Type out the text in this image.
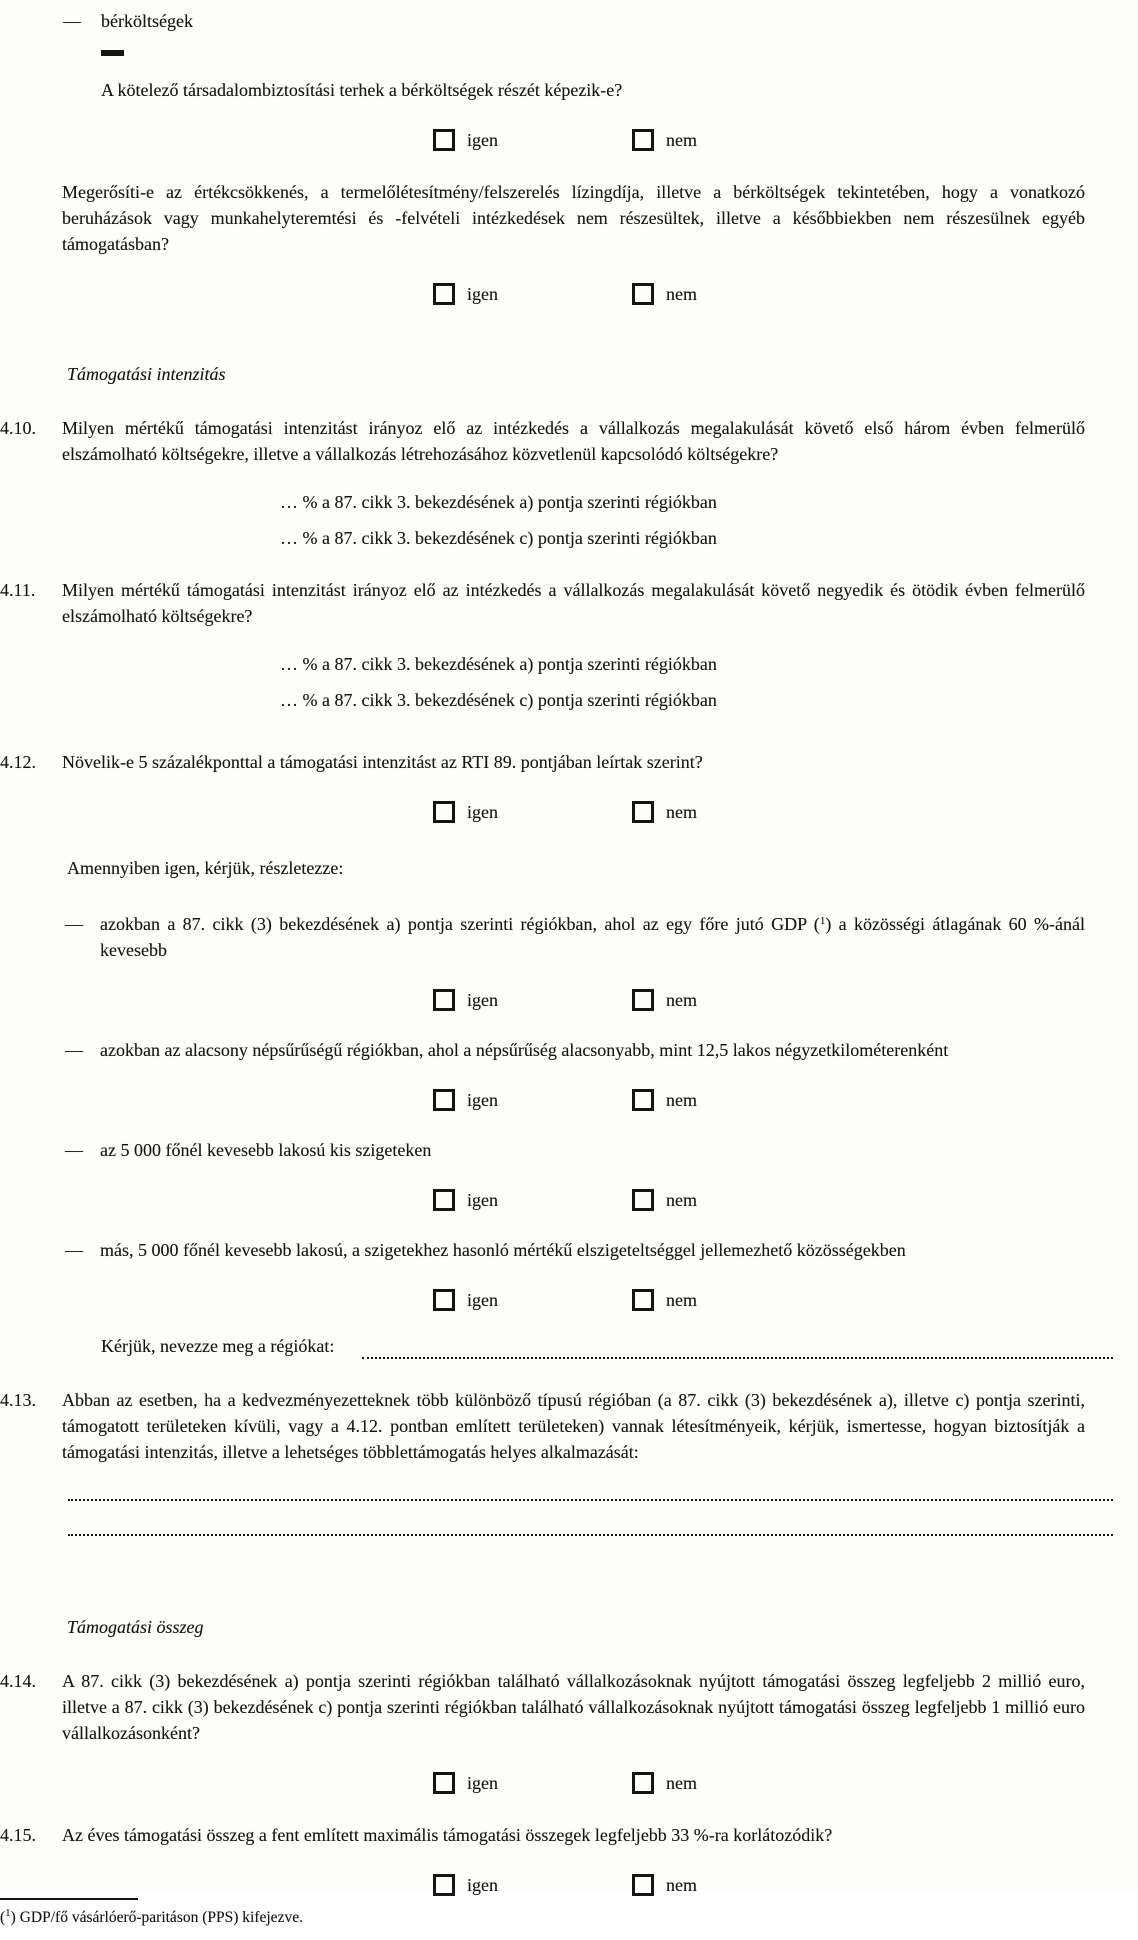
—	bérköltségek

A kötelező társadalombiztosítási terhek a bérköltségek részét képezik-e?

igen	nem

Megerősíti-e az értékcsökkenés, a termelőlétesítmény/felszerelés lízingdíja, illetve a bérköltségek tekintetében, hogy a vonatkozó beruházások vagy munkahelyteremtési és -felvételi intézkedések nem részesültek, illetve a későbbiekben nem részesülnek egyéb támogatásban?

igen	nem
Támogatási intenzitás
4.10.	Milyen mértékű támogatási intenzitást irányoz elő az intézkedés a vállalkozás megalakulását követő első három évben felmerülő elszámolható költségekre, illetve a vállalkozás létrehozásához közvetlenül kapcsolódó költségekre?

… % a 87. cikk 3. bekezdésének a) pontja szerinti régiókban

… % a 87. cikk 3. bekezdésének c) pontja szerinti régiókban

4.11.	Milyen mértékű támogatási intenzitást irányoz elő az intézkedés a vállalkozás megalakulását követő negyedik és ötödik évben felmerülő elszámolható költségekre?

… % a 87. cikk 3. bekezdésének a) pontja szerinti régiókban

… % a 87. cikk 3. bekezdésének c) pontja szerinti régiókban

4.12.	Növelik-e 5 százalékponttal a támogatási intenzitást az RTI 89. pontjában leírtak szerint?

igen	nem

Amennyiben igen, kérjük, részletezze:

— azokban a 87. cikk (3) bekezdésének a) pontja szerinti régiókban, ahol az egy főre jutó GDP ($^1$) a közösségi átlagának 60 %-ánál kevesebb
igen	nem
— azokban az alacsony népsűrűségű régiókban, ahol a népsűrűség alacsonyabb, mint 12,5 lakos négyzetkilométerenként
igen	nem
— az 5 000 főnél kevesebb lakosú kis szigeteken
igen	nem
— más, 5 000 főnél kevesebb lakosú, a szigetekhez hasonló mértékű elszigeteltséggel jellemezhető közösségekben
igen	nem
Kérjük, nevezze meg a régiókat:
4.13.	Abban az esetben, ha a kedvezményezetteknek több különböző típusú régióban (a 87. cikk (3) bekezdésének a), illetve c) pontja szerinti, támogatott területeken kívüli, vagy a 4.12. pontban említett területeken) vannak létesítményeik, kérjük, ismertesse, hogyan biztosítják a támogatási intenzitás, illetve a lehetséges többlettámogatás helyes alkalmazását:

Támogatási összeg
4.14.	A 87. cikk (3) bekezdésének a) pontja szerinti régiókban található vállalkozásoknak nyújtott támogatási összeg legfeljebb 2 millió euro, illetve a 87. cikk (3) bekezdésének c) pontja szerinti régiókban található vállalkozásoknak nyújtott támogatási összeg legfeljebb 1 millió euro vállalkozásonként?

igen	nem
4.15.	Az éves támogatási összeg a fent említett maximális támogatási összegek legfeljebb 33 %-ra korlátozódik?

igen	nem
($^1$) GDP/fő vásárlóerő-paritáson (PPS) kifejezve.
